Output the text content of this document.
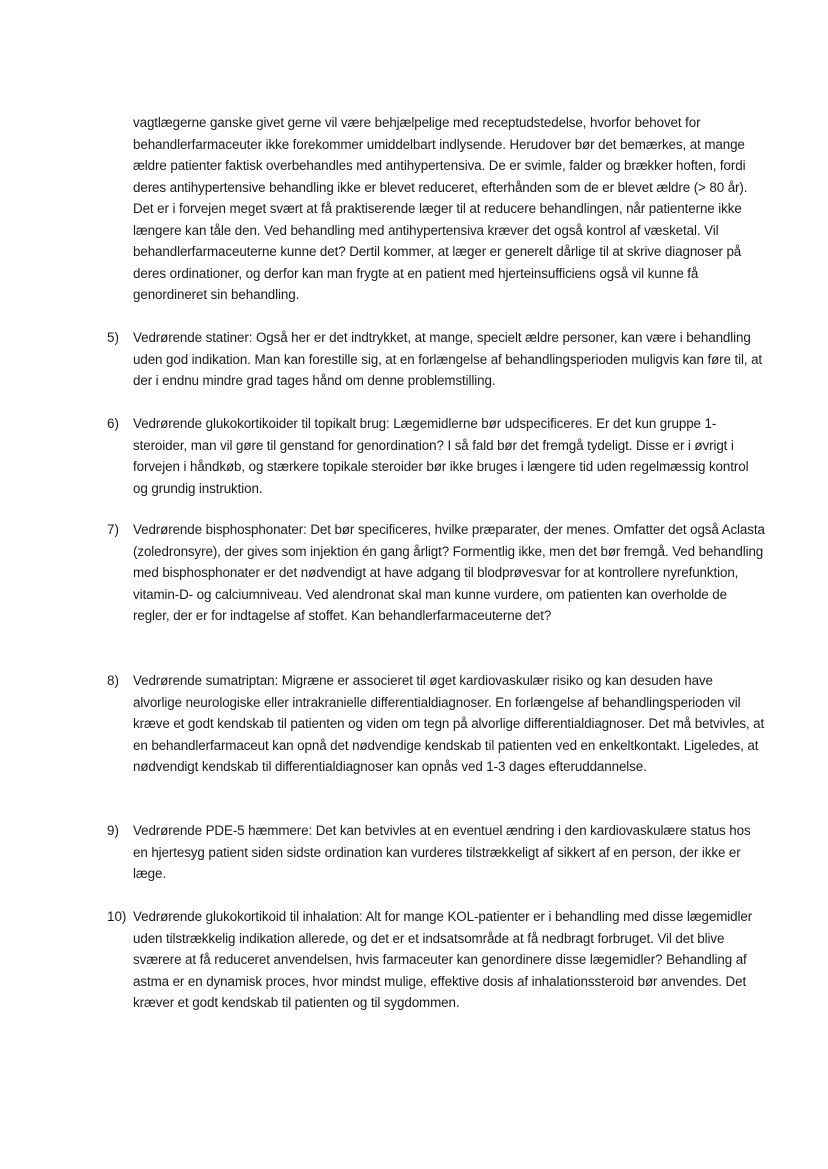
vagtlægerne ganske givet gerne vil være behjælpelige med receptudstedelse, hvorfor behovet for behandlerfarmaceuter ikke forekommer umiddelbart indlysende. Herudover bør det bemærkes, at mange ældre patienter faktisk overbehandles med antihypertensiva. De er svimle, falder og brækker hoften, fordi deres antihypertensive behandling ikke er blevet reduceret, efterhånden som de er blevet ældre (> 80 år). Det er i forvejen meget svært at få praktiserende læger til at reducere behandlingen, når patienterne ikke længere kan tåle den. Ved behandling med antihypertensiva kræver det også kontrol af væsketal. Vil behandlerfarmaceuterne kunne det? Dertil kommer, at læger er generelt dårlige til at skrive diagnoser på deres ordinationer, og derfor kan man frygte at en patient med hjerteinsufficiens også vil kunne få genordineret sin behandling.

5) Vedrørende statiner: Også her er det indtrykket, at mange, specielt ældre personer, kan være i behandling uden god indikation. Man kan forestille sig, at en forlængelse af behandlingsperioden muligvis kan føre til, at der i endnu mindre grad tages hånd om denne problemstilling.

6) Vedrørende glukokortikoider til topikalt brug: Lægemidlerne bør udspecificeres. Er det kun gruppe 1-steroider, man vil gøre til genstand for genordination? I så fald bør det fremgå tydeligt. Disse er i øvrigt i forvejen i håndkøb, og stærkere topikale steroider bør ikke bruges i længere tid uden regelmæssig kontrol og grundig instruktion.

7) Vedrørende bisphosphonater: Det bør specificeres, hvilke præparater, der menes. Omfatter det også Aclasta (zoledronsyre), der gives som injektion én gang årligt? Formentlig ikke, men det bør fremgå. Ved behandling med bisphosphonater er det nødvendigt at have adgang til blodprøvesvar for at kontrollere nyrefunktion, vitamin-D- og calciumniveau. Ved alendronat skal man kunne vurdere, om patienten kan overholde de regler, der er for indtagelse af stoffet. Kan behandlerfarmaceuterne det?

8) Vedrørende sumatriptan: Migræne er associeret til øget kardiovaskulær risiko og kan desuden have alvorlige neurologiske eller intrakranielle differentialdiagnoser. En forlængelse af behandlingsperioden vil kræve et godt kendskab til patienten og viden om tegn på alvorlige differentialdiagnoser. Det må betvivles, at en behandlerfarmaceut kan opnå det nødvendige kendskab til patienten ved en enkeltkontakt. Ligeledes, at nødvendigt kendskab til differentialdiagnoser kan opnås ved 1-3 dages efteruddannelse.

9) Vedrørende PDE-5 hæmmere: Det kan betvivles at en eventuel ændring i den kardiovaskulære status hos en hjertesyg patient siden sidste ordination kan vurderes tilstrækkeligt af sikkert af en person, der ikke er læge.

10) Vedrørende glukokortikoid til inhalation: Alt for mange KOL-patienter er i behandling med disse lægemidler uden tilstrækkelig indikation allerede, og det er et indsatsområde at få nedbragt forbruget. Vil det blive sværere at få reduceret anvendelsen, hvis farmaceuter kan genordinere disse lægemidler? Behandling af astma er en dynamisk proces, hvor mindst mulige, effektive dosis af inhalationssteroid bør anvendes. Det kræver et godt kendskab til patienten og til sygdommen.
